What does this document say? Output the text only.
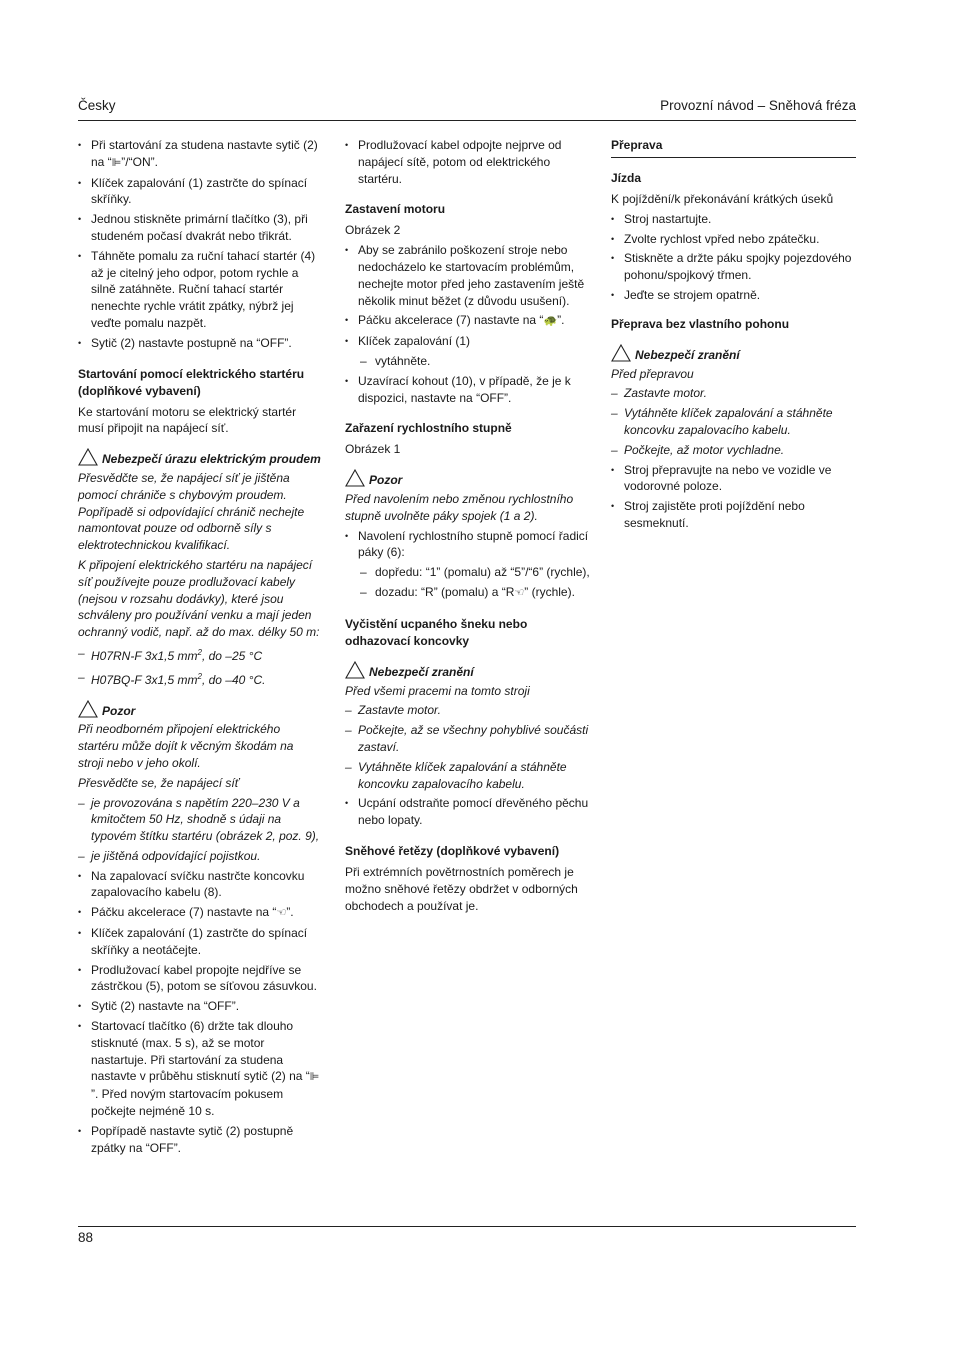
Česky	Provozní návod – Sněhová fréza

• Při startování za studena nastavte sytič (2) na “⊫”/“ON”.

• Klíček zapalování (1) zastrčte do spínací skříňky.

• Jednou stiskněte primární tlačítko (3), při studeném počasí dvakrát nebo třikrát.

• Táhněte pomalu za ruční tahací startér (4) až je citelný jeho odpor, potom rychle a silně zatáhněte. Ruční tahací startér nenechte rychle vrátit zpátky, nýbrž jej veďte pomalu nazpět.

• Sytič (2) nastavte postupně na “OFF”.

Startování pomocí elektrického startéru (doplňkové vybavení)

Ke startování motoru se elektrický startér musí připojit na napájecí síť.

Nebezpečí úrazu elektrickým proudem

Přesvědčte se, že napájecí síť je jištěna pomocí chrániče s chybovým proudem. Popřípadě si odpovídající chránič nechejte namontovat pouze od odborně síly s elektrotechnickou kvalifikací.

K připojení elektrického startéru na napájecí síť používejte pouze prodlužovací kabely (nejsou v rozsahu dodávky), které jsou schváleny pro používání venku a mají jeden ochranný vodič, např. až do max. délky 50 m:

– H07RN-F 3x1,5 $mm^2$, do –25 °C

– H07BQ-F 3x1,5 $mm^2$, do –40 °C.

Pozor

Při neodborném připojení elektrického startéru může dojít k věcným škodám na stroji nebo v jeho okolí.

Přesvědčte se, že napájecí síť

– je provozována s napětím 220–230 V a kmitočtem 50 Hz, shodně s údaji na typovém štítku startéru (obrázek 2, poz. 9),

– je jištěná odpovídající pojistkou.

• Na zapalovací svíčku nastrčte koncovku zapalovacího kabelu (8).

• Páčku akcelerace (7) nastavte na “☜”.

• Klíček zapalování (1) zastrčte do spínací skříňky a neotáčejte.

• Prodlužovací kabel propojte nejdříve se zástrčkou (5), potom se síťovou zásuvkou.

• Sytič (2) nastavte na “OFF”.

• Startovací tlačítko (6) držte tak dlouho stisknuté (max. 5 s), až se motor nastartuje. Při startování za studena nastavte v průběhu stisknutí sytič (2) na “⊫”. Před novým startovacím pokusem počkejte nejméně 10 s.

• Popřípadě nastavte sytič (2) postupně zpátky na “OFF”.

• Prodlužovací kabel odpojte nejprve od napájecí sítě, potom od elektrického startéru.

Zastavení motoru

Obrázek 2

• Aby se zabránilo poškození stroje nebo nedocházelo ke startovacím problémům, nechejte motor před jeho zastavením ještě několik minut běžet (z důvodu usušení).

• Páčku akcelerace (7) nastavte na “🐢”.

• Klíček zapalování (1)

– vytáhněte.

• Uzavírací kohout (10), v případě, že je k dispozici, nastavte na “OFF”.

Zařazení rychlostního stupně

Obrázek 1

Pozor

Před navolením nebo změnou rychlostního stupně uvolněte páky spojek (1 a 2).

• Navolení rychlostního stupně pomocí řadicí páky (6):

– dopředu: “1” (pomalu) až “5”/“6” (rychle),

– dozadu: “R” (pomalu) a “R☜” (rychle).

Vyčistění ucpaného šneku nebo odhazovací koncovky

Nebezpečí zranění

Před všemi pracemi na tomto stroji

– Zastavte motor.

– Počkejte, až se všechny pohyblivé součásti zastaví.

– Vytáhněte klíček zapalování a stáhněte koncovku zapalovacího kabelu.

• Ucpání odstraňte pomocí dřevěného pěchu nebo lopaty.

Sněhové řetězy (doplňkové vybavení)

Při extrémních povětrnostních poměrech je možno sněhové řetězy obdržet v odborných obchodech a používat je.

Přeprava

Jízda

K pojíždění/k překonávání krátkých úseků

• Stroj nastartujte.

• Zvolte rychlost vpřed nebo zpátečku.

• Stiskněte a držte páku spojky pojezdového pohonu/spojkový třmen.

• Jeďte se strojem opatrně.

Přeprava bez vlastního pohonu

Nebezpečí zranění

Před přepravou

– Zastavte motor.

– Vytáhněte klíček zapalování a stáhněte koncovku zapalovacího kabelu.

– Počkejte, až motor vychladne.

• Stroj přepravujte na nebo ve vozidle ve vodorovné poloze.

• Stroj zajistěte proti pojíždění nebo sesmeknutí.

88
